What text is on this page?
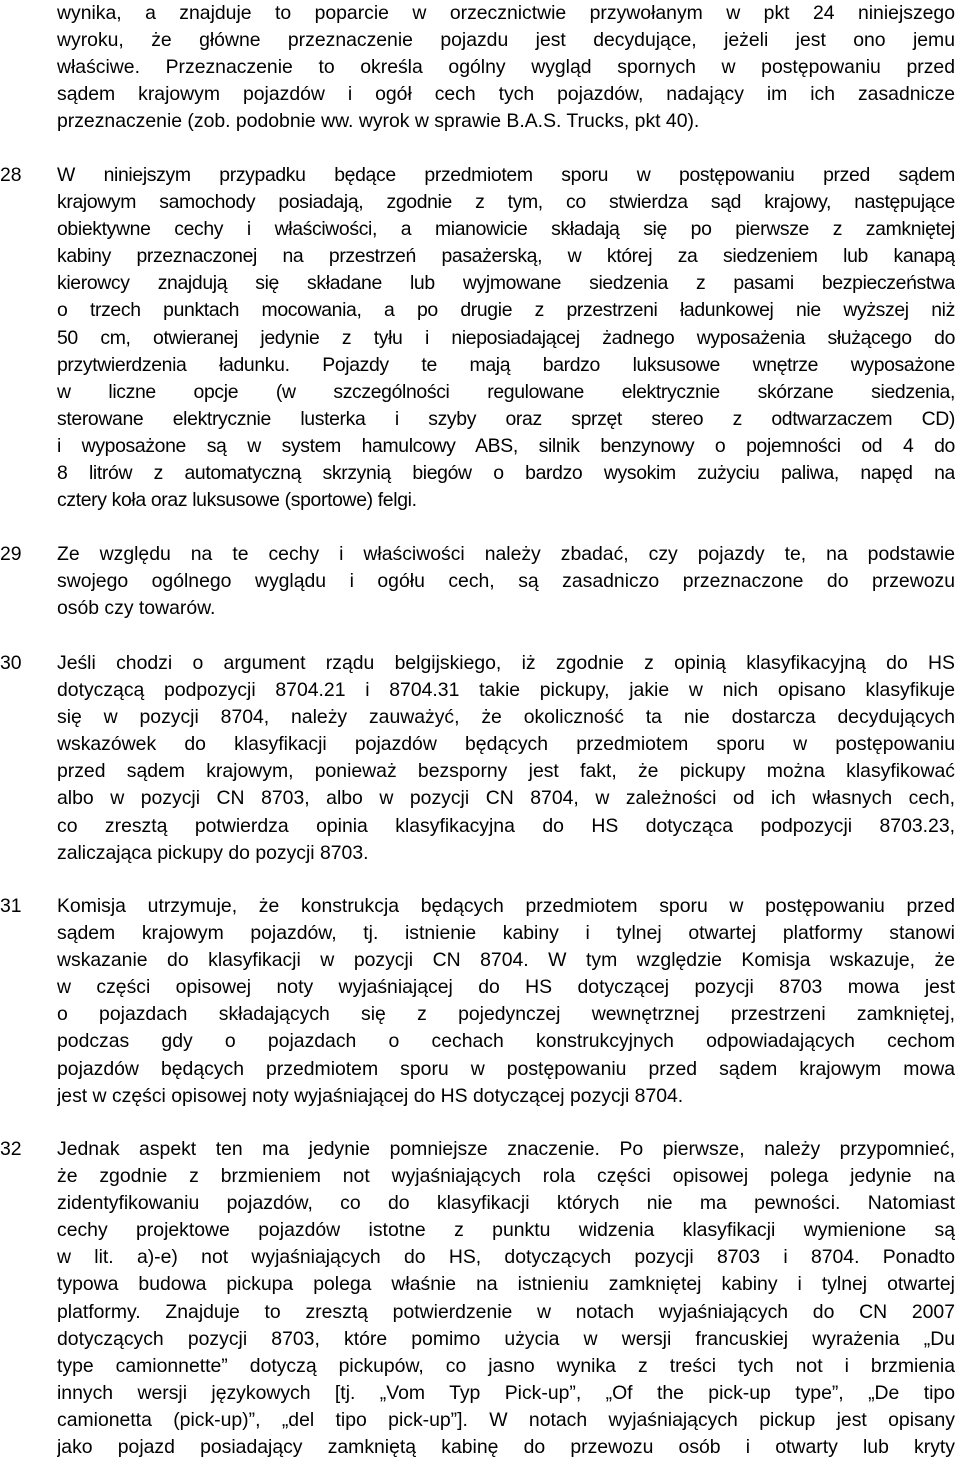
wynika, a znajduje to poparcie w orzecznictwie przywołanym w pkt 24 niniejszego
wyroku, że główne przeznaczenie pojazdu jest decydujące, jeżeli jest ono jemu
właściwe. Przeznaczenie to określa ogólny wygląd spornych w postępowaniu przed
sądem krajowym pojazdów i ogół cech tych pojazdów, nadający im ich zasadnicze
przeznaczenie (zob. podobnie ww. wyrok w sprawie B.A.S. Trucks, pkt 40).
28 W niniejszym przypadku będące przedmiotem sporu w postępowaniu przed sądem
krajowym samochody posiadają, zgodnie z tym, co stwierdza sąd krajowy, następujące
obiektywne cechy i właściwości, a mianowicie składają się po pierwsze z zamkniętej
kabiny przeznaczonej na przestrzeń pasażerską, w której za siedzeniem lub kanapą
kierowcy znajdują się składane lub wyjmowane siedzenia z pasami bezpieczeństwa
o trzech punktach mocowania, a po drugie z przestrzeni ładunkowej nie wyższej niż
50 cm, otwieranej jedynie z tyłu i nieposiadającej żadnego wyposażenia służącego do
przytwierdzenia ładunku. Pojazdy te mają bardzo luksusowe wnętrze wyposażone
w liczne opcje (w szczególności regulowane elektrycznie skórzane siedzenia,
sterowane elektrycznie lusterka i szyby oraz sprzęt stereo z odtwarzaczem CD)
i wyposażone są w system hamulcowy ABS, silnik benzynowy o pojemności od 4 do
8 litrów z automatyczną skrzynią biegów o bardzo wysokim zużyciu paliwa, napęd na
cztery koła oraz luksusowe (sportowe) felgi.
29 Ze względu na te cechy i właściwości należy zbadać, czy pojazdy te, na podstawie
swojego ogólnego wyglądu i ogółu cech, są zasadniczo przeznaczone do przewozu
osób czy towarów.
30 Jeśli chodzi o argument rządu belgijskiego, iż zgodnie z opinią klasyfikacyjną do HS
dotyczącą podpozycji 8704.21 i 8704.31 takie pickupy, jakie w nich opisano klasyfikuje
się w pozycji 8704, należy zauważyć, że okoliczność ta nie dostarcza decydujących
wskazówek do klasyfikacji pojazdów będących przedmiotem sporu w postępowaniu
przed sądem krajowym, ponieważ bezsporny jest fakt, że pickupy można klasyfikować
albo w pozycji CN 8703, albo w pozycji CN 8704, w zależności od ich własnych cech,
co zresztą potwierdza opinia klasyfikacyjna do HS dotycząca podpozycji 8703.23,
zaliczająca pickupy do pozycji 8703.
31 Komisja utrzymuje, że konstrukcja będących przedmiotem sporu w postępowaniu przed
sądem krajowym pojazdów, tj. istnienie kabiny i tylnej otwartej platformy stanowi
wskazanie do klasyfikacji w pozycji CN 8704. W tym względzie Komisja wskazuje, że
w części opisowej noty wyjaśniającej do HS dotyczącej pozycji 8703 mowa jest
o pojazdach składających się z pojedynczej wewnętrznej przestrzeni zamkniętej,
podczas gdy o pojazdach o cechach konstrukcyjnych odpowiadających cechom
pojazdów będących przedmiotem sporu w postępowaniu przed sądem krajowym mowa
jest w części opisowej noty wyjaśniającej do HS dotyczącej pozycji 8704.
32 Jednak aspekt ten ma jedynie pomniejsze znaczenie. Po pierwsze, należy przypomnieć,
że zgodnie z brzmieniem not wyjaśniających rola części opisowej polega jedynie na
zidentyfikowaniu pojazdów, co do klasyfikacji których nie ma pewności. Natomiast
cechy projektowe pojazdów istotne z punktu widzenia klasyfikacji wymienione są
w lit. a)-e) not wyjaśniających do HS, dotyczących pozycji 8703 i 8704. Ponadto
typowa budowa pickupa polega właśnie na istnieniu zamkniętej kabiny i tylnej otwartej
platformy. Znajduje to zresztą potwierdzenie w notach wyjaśniających do CN 2007
dotyczących pozycji 8703, które pomimo użycia w wersji francuskiej wyrażenia „Du
type camionnette” dotyczą pickupów, co jasno wynika z treści tych not i brzmienia
innych wersji językowych [tj. „Vom Typ Pick-up”, „Of the pick-up type”, „De tipo
camionetta (pick-up)”, „del tipo pick-up”]. W notach wyjaśniających pickup jest opisany
jako pojazd posiadający zamkniętą kabinę do przewozu osób i otwarty lub kryty
